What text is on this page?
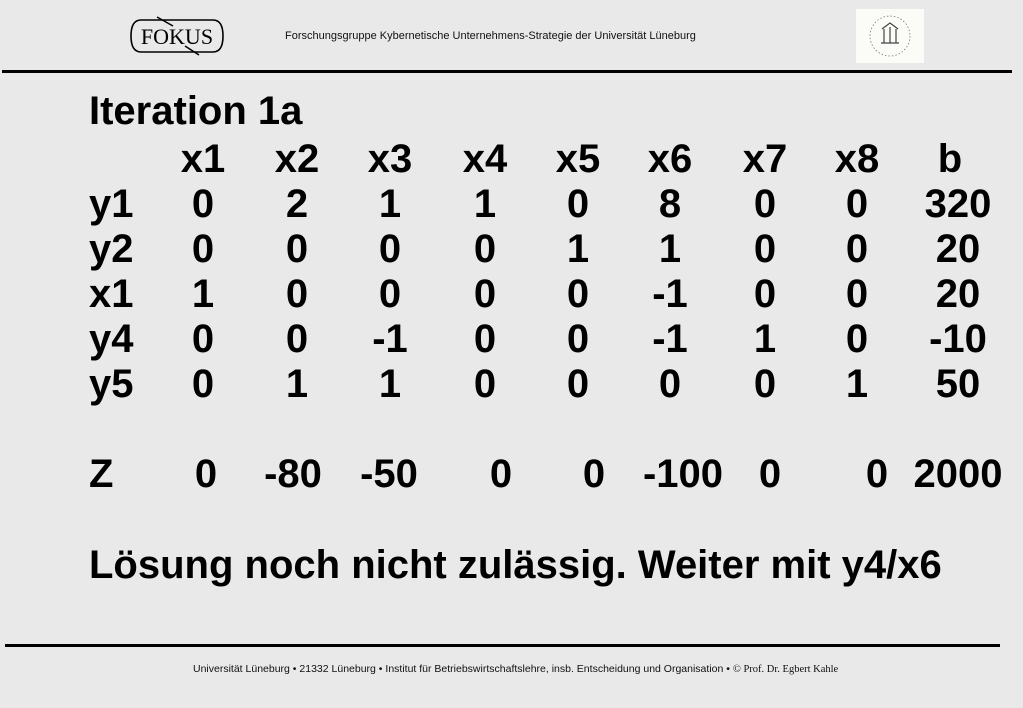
FOKUS	Forschungsgruppe Kybernetische Unternehmens-Strategie der Universität Lüneburg
Iteration 1a
x1 x2 x3 x4 x5 x6 x7 x8 b
y1 0 2 1 1 0 8 0 0 320
y2 0 0 0 0 1 1 0 0 20
x1 1 0 0 0 0 -1 0 0 20
y4 0 0 -1 0 0 -1 1 0 -10
y5 0 1 1 0 0 0 0 1 50
Z 0 -80 -50 0 0 -100 0 0 2000
Lösung noch nicht zulässig. Weiter mit y4/x6
Universität Lüneburg • 21332 Lüneburg • Institut für Betriebswirtschaftslehre, insb. Entscheidung und Organisation • © Prof. Dr. Egbert Kahle
